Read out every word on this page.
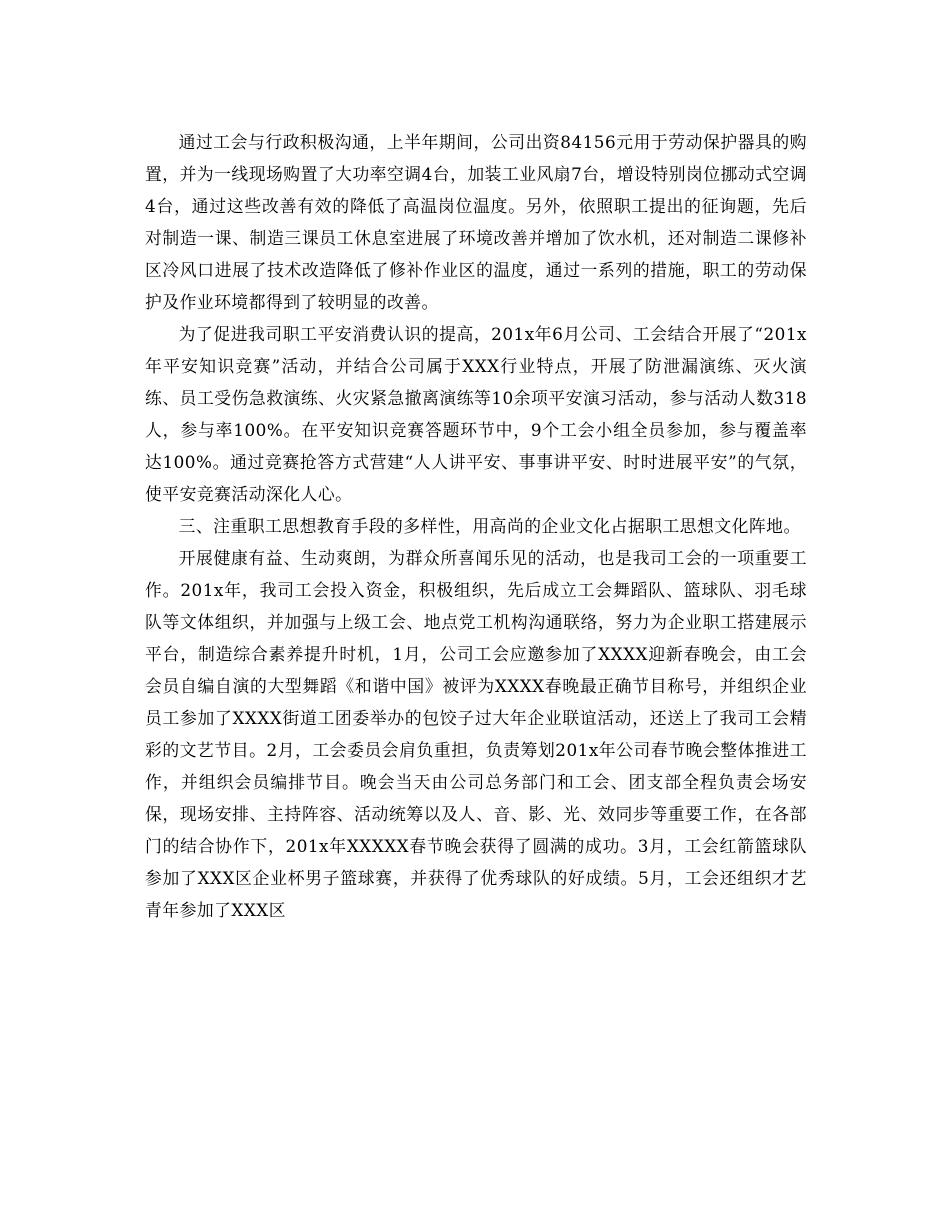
通过工会与行政积极沟通，上半年期间，公司出资84156元用于劳动保护器具的购置，并为一线现场购置了大功率空调4台，加装工业风扇7台，增设特别岗位挪动式空调4台，通过这些改善有效的降低了高温岗位温度。另外，依照职工提出的征询题，先后对制造一课、制造三课员工休息室进展了环境改善并增加了饮水机，还对制造二课修补区冷风口进展了技术改造降低了修补作业区的温度，通过一系列的措施，职工的劳动保护及作业环境都得到了较明显的改善。

为了促进我司职工平安消费认识的提高，201x年6月公司、工会结合开展了“201x年平安知识竞赛”活动，并结合公司属于XXX行业特点，开展了防泄漏演练、灭火演练、员工受伤急救演练、火灾紧急撤离演练等10余项平安演习活动，参与活动人数318人，参与率100%。在平安知识竞赛答题环节中，9个工会小组全员参加，参与覆盖率达100%。通过竞赛抢答方式营建“人人讲平安、事事讲平安、时时进展平安”的气氛，使平安竞赛活动深化人心。

三、注重职工思想教育手段的多样性，用高尚的企业文化占据职工思想文化阵地。

开展健康有益、生动爽朗，为群众所喜闻乐见的活动，也是我司工会的一项重要工作。201x年，我司工会投入资金，积极组织，先后成立工会舞蹈队、篮球队、羽毛球队等文体组织，并加强与上级工会、地点党工机构沟通联络，努力为企业职工搭建展示平台，制造综合素养提升时机，1月，公司工会应邀参加了XXXX迎新春晚会，由工会会员自编自演的大型舞蹈《和谐中国》被评为XXXX春晚最正确节目称号，并组织企业员工参加了XXXX街道工团委举办的包饺子过大年企业联谊活动，还送上了我司工会精彩的文艺节目。2月，工会委员会肩负重担，负责筹划201x年公司春节晚会整体推进工作，并组织会员编排节目。晚会当天由公司总务部门和工会、团支部全程负责会场安保，现场安排、主持阵容、活动统筹以及人、音、影、光、效同步等重要工作，在各部门的结合协作下，201x年XXXXX春节晚会获得了圆满的成功。3月，工会红箭篮球队参加了XXX区企业杯男子篮球赛，并获得了优秀球队的好成绩。5月，工会还组织才艺青年参加了XXX区
